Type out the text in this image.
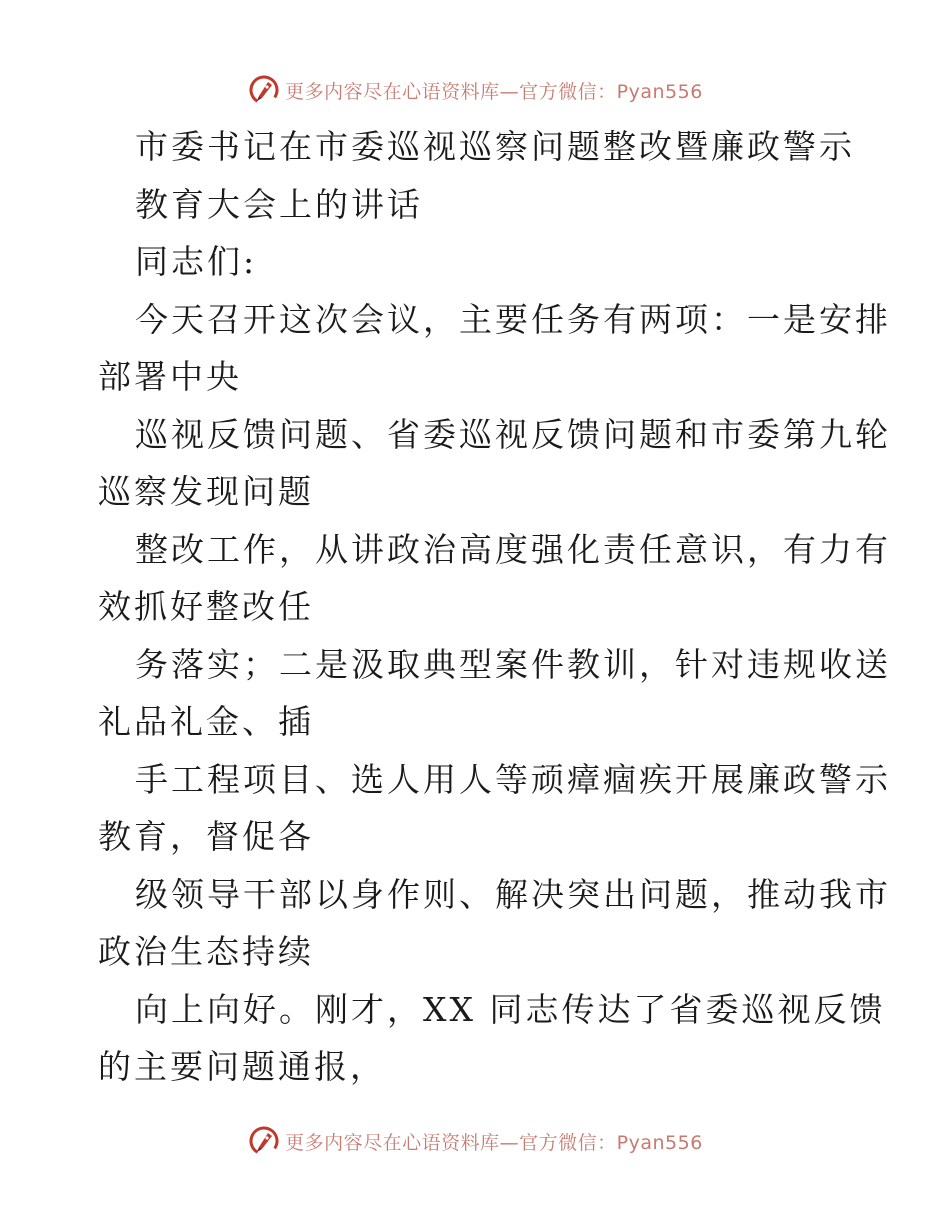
更多内容尽在心语资料库—官方微信：Pyan556
市委书记在市委巡视巡察问题整改暨廉政警示
教育大会上的讲话
同志们:
今天召开这次会议，主要任务有两项：一是安排
部署中央
巡视反馈问题、省委巡视反馈问题和市委第九轮
巡察发现问题
整改工作，从讲政治高度强化责任意识，有力有
效抓好整改任
务落实；二是汲取典型案件教训，针对违规收送
礼品礼金、插
手工程项目、选人用人等顽瘴痼疾开展廉政警示
教育，督促各
级领导干部以身作则、解决突出问题，推动我市
政治生态持续
向上向好。刚才，XX 同志传达了省委巡视反馈
的主要问题通报，
更多内容尽在心语资料库—官方微信：Pyan556
